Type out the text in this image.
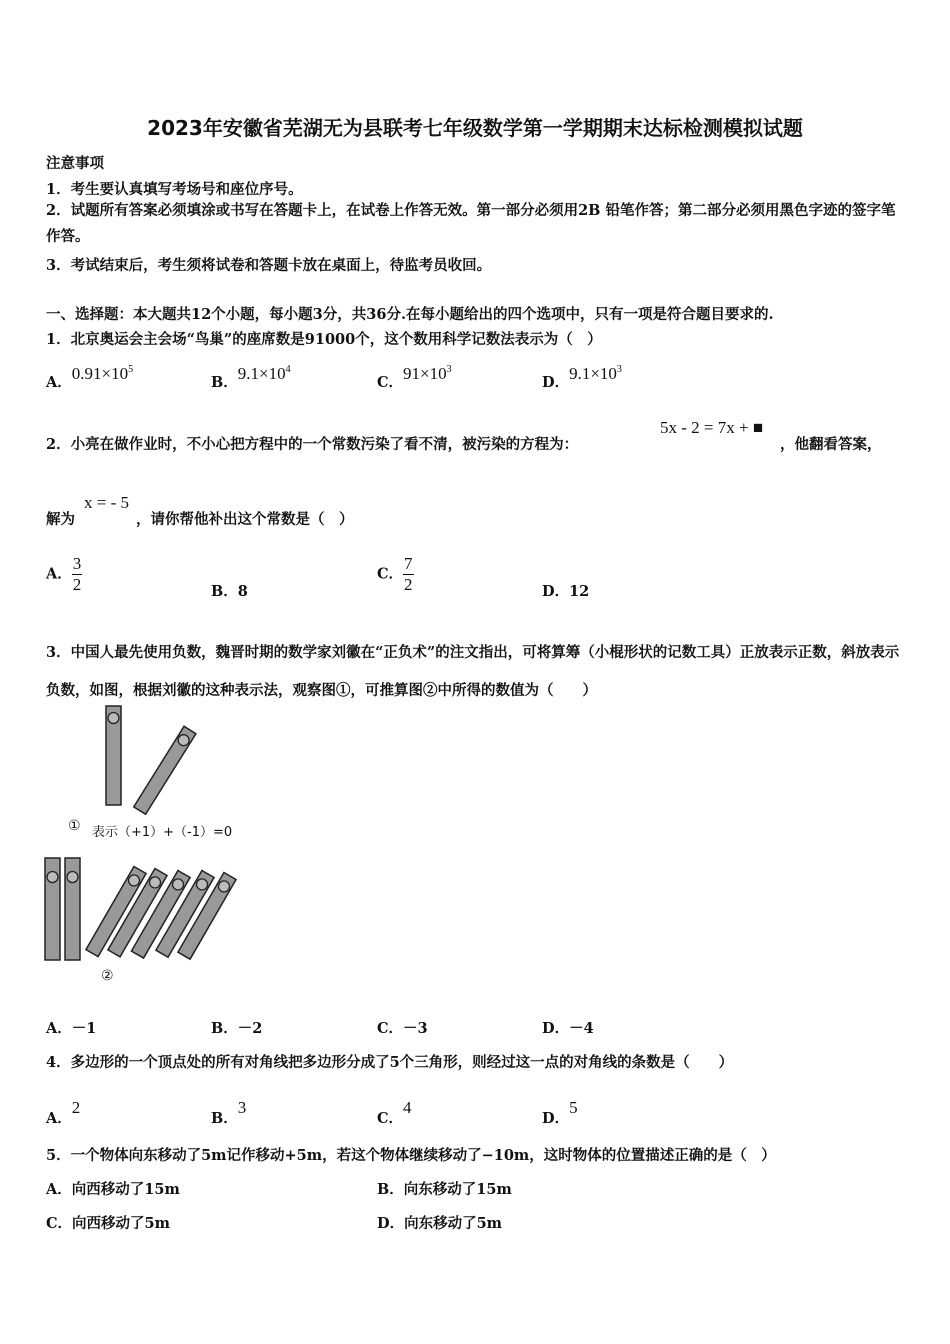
2023年安徽省芜湖无为县联考七年级数学第一学期期末达标检测模拟试题
注意事项
1．考生要认真填写考场号和座位序号。
2．试题所有答案必须填涂或书写在答题卡上，在试卷上作答无效。第一部分必须用2B 铅笔作答；第二部分必须用黑色字迹的签字笔作答。
3．考试结束后，考生须将试卷和答题卡放在桌面上，待监考员收回。
一、选择题：本大题共12个小题，每小题3分，共36分.在每小题给出的四个选项中，只有一项是符合题目要求的.
1．北京奥运会主会场“鸟巢”的座席数是91000个，这个数用科学记数法表示为（　）
A．$0.91\times 10^5$
B．$9.1\times 10^4$
C．$91\times 10^3$
D．$9.1\times 10^3$
2．小亮在做作业时，不小心把方程中的一个常数污染了看不清，被污染的方程为：
5x - 2 = 7x + ■
，他翻看答案，
解为
x = - 5
，请你帮他补出这个常数是（　）
A． $\frac{3}{2}$	B．8
C． $\frac{7}{2}$	D．12
3．中国人最先使用负数，魏晋时期的数学家刘徽在“正负术”的注文指出，可将算筹（小棍形状的记数工具）正放表示正数，斜放表示负数，如图，根据刘徽的这种表示法，观察图①，可推算图②中所得的数值为（　　）
① 表示（+1）+（-1）=0
②
A．－1	B．－2	C．－3	D．－4
4．多边形的一个顶点处的所有对角线把多边形分成了5个三角形，则经过这一点的对角线的条数是（　　）
A．2
B．3
C．4
D．5
5．一个物体向东移动了5m记作移动+5m，若这个物体继续移动了−10m，这时物体的位置描述正确的是（　）
A．向西移动了15m	B．向东移动了15m
C．向西移动了5m	D．向东移动了5m
